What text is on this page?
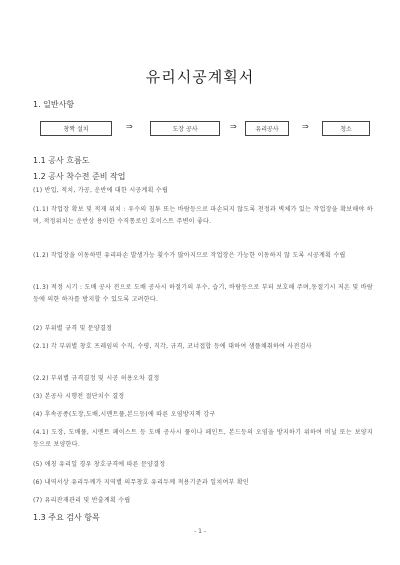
유리시공계획서
1. 일반사항
창짝 설치	⇒	도장 공사	⇒	유리공사	⇒	청소
1.1 공사 흐름도
1.2 공사 착수전 준비 작업
(1) 반입, 적치, 가공, 운반에 대한 시공계획 수립
(1.1) 작업장 확보 및 적재 위치 : 우수의 침투 또는 바람등으로 파손되지 않도록 천정과 벽체가 있는 작업장을 확보해야 하며, 적정위치는 운반상 용이한 수직통로인 호이스트 주변이 좋다.
(1.2) 작업장을 이동하면 유리파손 발생가능 횟수가 많아지므로 작업장은 가능한 이동하지 않 도록 시공계획 수립
(1.3) 적정 시기 : 도배 공사 전으로 도배 공사시 하절기의 우수, 습기, 바람등으로 부터 보호해 주며,동절기시 저온 및 바람등에 의한 하자를 방지할 수 있도록 고려한다.
(2) 부위별 규격 및 문양결정
(2.1) 각 부위별 창호 프레임의 수직, 수평, 직각, 규격, 코너접합 등에 대하여 샘플채취하여 사전검사
(2.2) 부위별 규격결정 및 시공 허용오차 결정
(3) 본공사 시행전 절단치수 결정
(4) 후속공종(도장,도배,시멘트풀,본드등)에 따른 오염방지책 강구
(4.1) 도장, 도배풀, 시멘트 페이스트 등 도배 공사시 풀이나 페인트, 본드등의 오염을 방지하기 위하여 비닐 또는 보양지 등으로 보양한다.
(5) 애칭 유리일 경우 창호규격에 따른 문양결정
(6) 내역서상 유리두께가 지역별 의무창호 유리두께 적용기준과 일치여부 확인
(7) 유리잔재관리 및 반출계획 수립
1.3 주요 검사 항목
- 1 -
